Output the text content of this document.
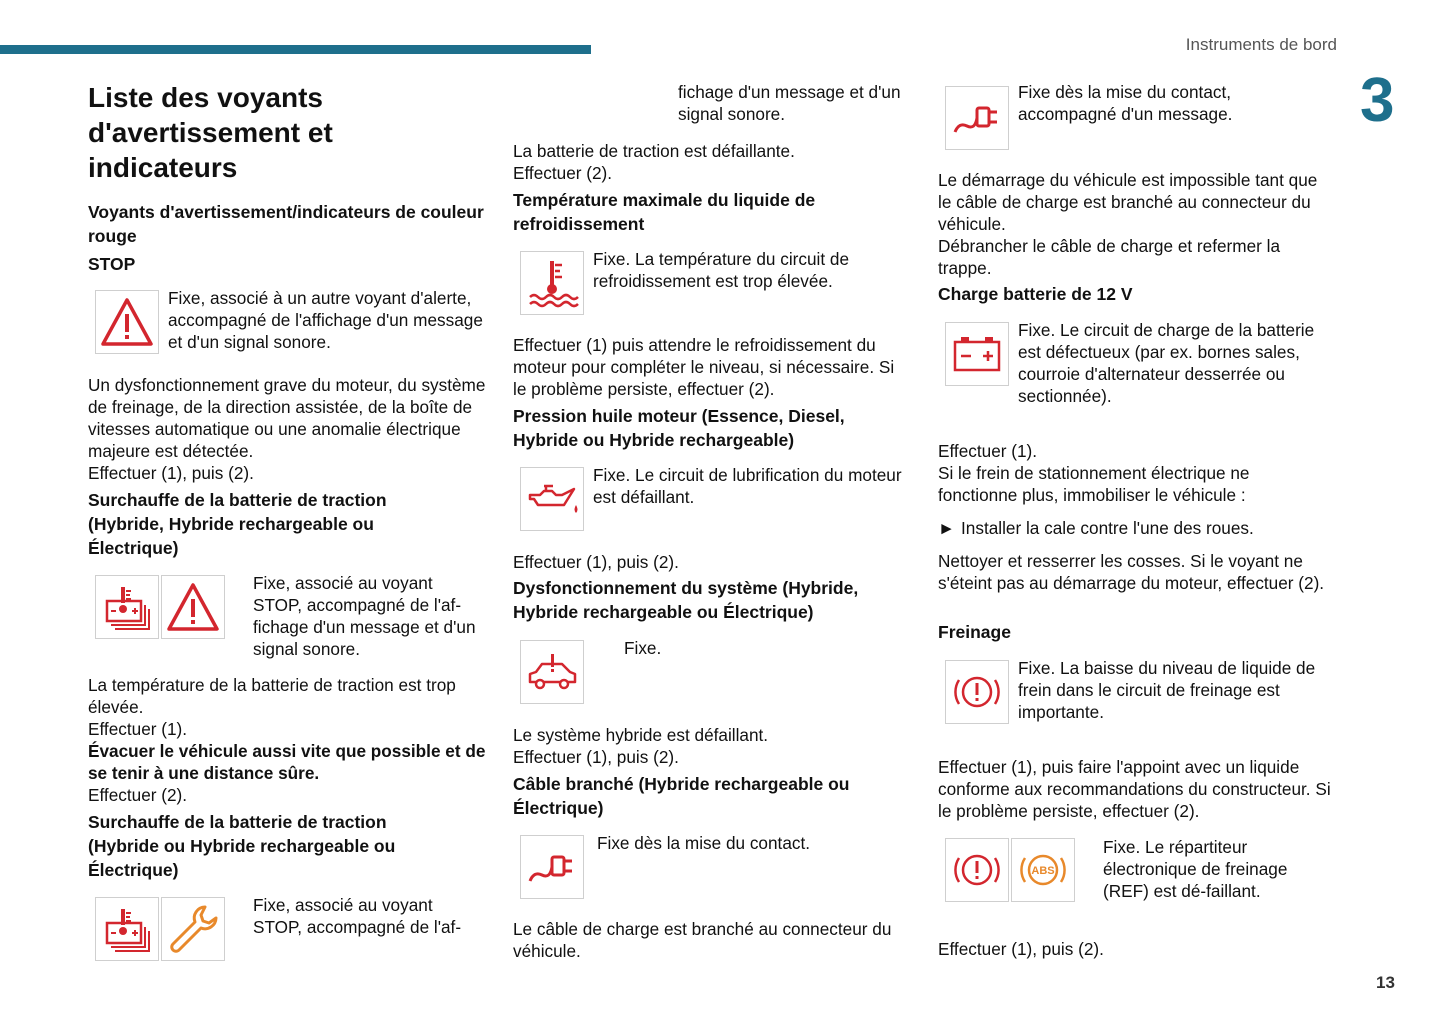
Instruments de bord
3
13

Liste des voyants d'avertissement et indicateurs

Voyants d'avertissement/indicateurs de couleur rouge

STOP

Fixe, associé à un autre voyant d'alerte, accompagné de l'affichage d'un message et d'un signal sonore.

Un dysfonctionnement grave du moteur, du système de freinage, de la direction assistée, de la boîte de vitesses automatique ou une anomalie électrique majeure est détectée.

Effectuer (1), puis (2).

Surchauffe de la batterie de traction (Hybride, Hybride rechargeable ou Électrique)

Fixe, associé au voyant STOP, accompagné de l'af-fichage d'un message et d'un signal sonore.

La température de la batterie de traction est trop élevée.

Effectuer (1).

Évacuer le véhicule aussi vite que possible et de se tenir à une distance sûre.

Effectuer (2).

Surchauffe de la batterie de traction (Hybride ou Hybride rechargeable ou Électrique)

Fixe, associé au voyant STOP, accompagné de l'af-

fichage d'un message et d'un signal sonore.

La batterie de traction est défaillante.

Effectuer (2).

Température maximale du liquide de refroidissement

Fixe. La température du circuit de refroidissement est trop élevée.

Effectuer (1) puis attendre le refroidissement du moteur pour compléter le niveau, si nécessaire. Si le problème persiste, effectuer (2).

Pression huile moteur (Essence, Diesel, Hybride ou Hybride rechargeable)

Fixe. Le circuit de lubrification du moteur est défaillant.

Effectuer (1), puis (2).

Dysfonctionnement du système (Hybride, Hybride rechargeable ou Électrique)

Fixe.

Le système hybride est défaillant.

Effectuer (1), puis (2).

Câble branché (Hybride rechargeable ou Électrique)

Fixe dès la mise du contact.

Le câble de charge est branché au connecteur du véhicule.

Fixe dès la mise du contact, accompagné d'un message.

Le démarrage du véhicule est impossible tant que le câble de charge est branché au connecteur du véhicule.

Débrancher le câble de charge et refermer la trappe.

Charge batterie de 12 V

Fixe. Le circuit de charge de la batterie est défectueux (par ex. bornes sales, courroie d'alternateur desserrée ou sectionnée).

Effectuer (1).

Si le frein de stationnement électrique ne fonctionne plus, immobiliser le véhicule :

► Installer la cale contre l'une des roues.

Nettoyer et resserrer les cosses. Si le voyant ne s'éteint pas au démarrage du moteur, effectuer (2).

Freinage

Fixe. La baisse du niveau de liquide de frein dans le circuit de freinage est importante.

Effectuer (1), puis faire l'appoint avec un liquide conforme aux recommandations du constructeur. Si le problème persiste, effectuer (2).

ABS

Fixe. Le répartiteur électronique de freinage (REF) est dé-faillant.

Effectuer (1), puis (2).
